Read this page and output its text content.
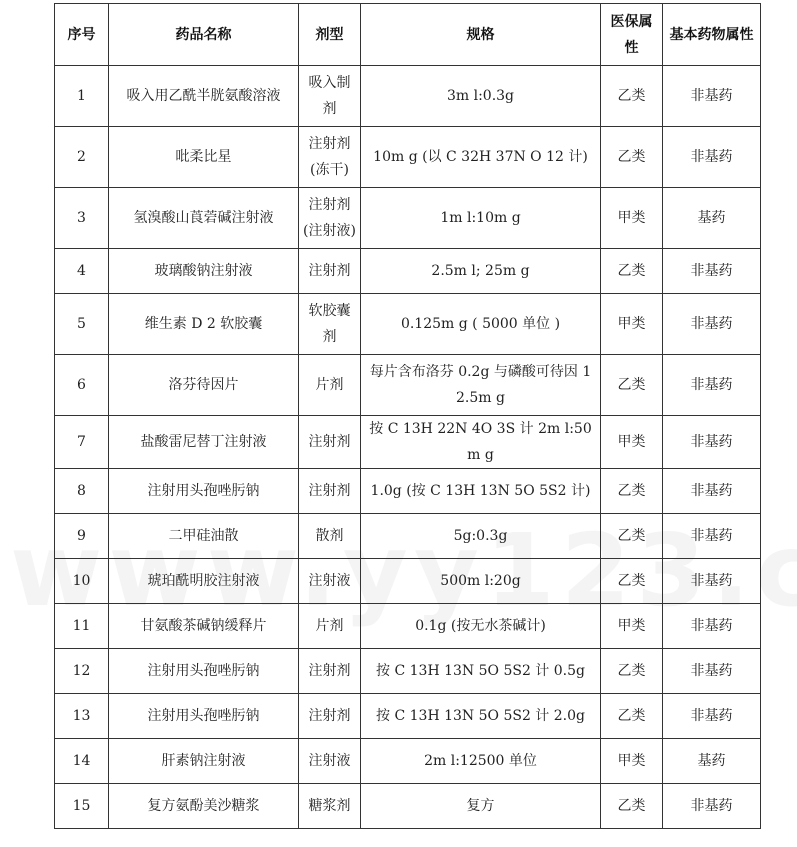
序号	药品名称	剂型	规格	医保属性	基本药物属性
1	吸入用乙酰半胱氨酸溶液	吸入制剂	3m l:0.3g	乙类	非基药
2	吡柔比星	注射剂(冻干)	10m g (以 C 32H 37N O 12 计)	乙类	非基药
3	氢溴酸山莨菪碱注射液	注射剂(注射液)	1m l:10m g	甲类	基药
4	玻璃酸钠注射液	注射剂	2.5m l; 25m g	乙类	非基药
5	维生素 D 2 软胶囊	软胶囊剂	0.125m g ( 5000 单位 )	甲类	非基药
6	洛芬待因片	片剂	每片含布洛芬 0.2g 与磷酸可待因 12.5m g	乙类	非基药
7	盐酸雷尼替丁注射液	注射剂	按 C 13H 22N 4O 3S 计 2m l:50m g	甲类	非基药
8	注射用头孢唑肟钠	注射剂	1.0g (按 C 13H 13N 5O 5S2 计)	乙类	非基药
9	二甲硅油散	散剂	5g:0.3g	乙类	非基药
10	琥珀酰明胶注射液	注射液	500m l:20g	乙类	非基药
11	甘氨酸茶碱钠缓释片	片剂	0.1g (按无水茶碱计)	甲类	非基药
12	注射用头孢唑肟钠	注射剂	按 C 13H 13N 5O 5S2 计 0.5g	乙类	非基药
13	注射用头孢唑肟钠	注射剂	按 C 13H 13N 5O 5S2 计 2.0g	乙类	非基药
14	肝素钠注射液	注射液	2m l:12500 单位	甲类	基药
15	复方氨酚美沙糖浆	糖浆剂	复方	乙类	非基药
